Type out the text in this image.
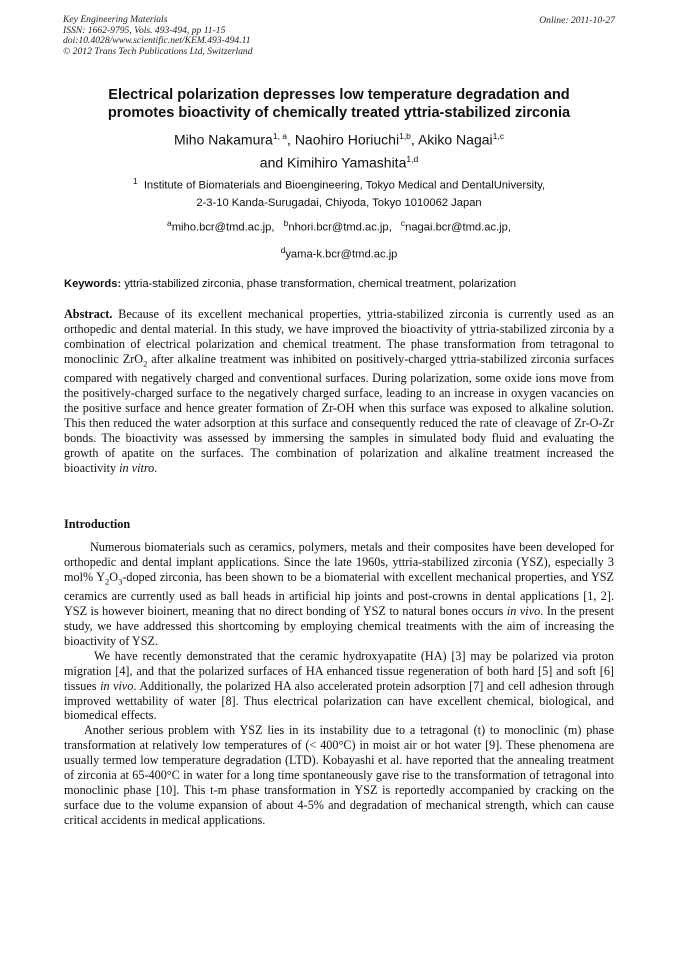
Key Engineering Materials
ISSN: 1662-9795, Vols. 493-494, pp 11-15
doi:10.4028/www.scientific.net/KEM.493-494.11
© 2012 Trans Tech Publications Ltd, Switzerland
Online: 2011-10-27
Electrical polarization depresses low temperature degradation and
promotes bioactivity of chemically treated yttria-stabilized zirconia
Miho Nakamura$^{1, a}$, Naohiro Horiuchi$^{1,b}$, Akiko Nagai$^{1,c}$
and Kimihiro Yamashita$^{1,d}$
$^1$ Institute of Biomaterials and Bioengineering, Tokyo Medical and DentalUniversity,
2-3-10 Kanda-Surugadai, Chiyoda, Tokyo 1010062 Japan
$^a$miho.bcr@tmd.ac.jp, $^b$nhori.bcr@tmd.ac.jp, $^c$nagai.bcr@tmd.ac.jp,
$^d$yama-k.bcr@tmd.ac.jp
Keywords: yttria-stabilized zirconia, phase transformation, chemical treatment, polarization

Abstract. Because of its excellent mechanical properties, yttria-stabilized zirconia is currently used as an orthopedic and dental material. In this study, we have improved the bioactivity of yttria-stabilized zirconia by a combination of electrical polarization and chemical treatment. The phase transformation from tetragonal to monoclinic ZrO$_2$ after alkaline treatment was inhibited on positively-charged yttria-stabilized zirconia surfaces compared with negatively charged and conventional surfaces. During polarization, some oxide ions move from the positively-charged surface to the negatively charged surface, leading to an increase in oxygen vacancies on the positive surface and hence greater formation of Zr-OH when this surface was exposed to alkaline solution. This then reduced the water adsorption at this surface and consequently reduced the rate of cleavage of Zr-O-Zr bonds. The bioactivity was assessed by immersing the samples in simulated body fluid and evaluating the growth of apatite on the surfaces. The combination of polarization and alkaline treatment increased the bioactivity in vitro.

Introduction

Numerous biomaterials such as ceramics, polymers, metals and their composites have been developed for orthopedic and dental implant applications. Since the late 1960s, yttria-stabilized zirconia (YSZ), especially 3 mol% $Y_2O_3$-doped zirconia, has been shown to be a biomaterial with excellent mechanical properties, and YSZ ceramics are currently used as ball heads in artificial hip joints and post-crowns in dental applications [1, 2]. YSZ is however bioinert, meaning that no direct bonding of YSZ to natural bones occurs in vivo. In the present study, we have addressed this shortcoming by employing chemical treatments with the aim of increasing the bioactivity of YSZ.

We have recently demonstrated that the ceramic hydroxyapatite (HA) [3] may be polarized via proton migration [4], and that the polarized surfaces of HA enhanced tissue regeneration of both hard [5] and soft [6] tissues in vivo. Additionally, the polarized HA also accelerated protein adsorption [7] and cell adhesion through improved wettability of water [8]. Thus electrical polarization can have excellent chemical, biological, and biomedical effects.

Another serious problem with YSZ lies in its instability due to a tetragonal (t) to monoclinic (m) phase transformation at relatively low temperatures of (< 400°C) in moist air or hot water [9]. These phenomena are usually termed low temperature degradation (LTD). Kobayashi et al. have reported that the annealing treatment of zirconia at 65-400°C in water for a long time spontaneously gave rise to the transformation of tetragonal into monoclinic phase [10]. This t-m phase transformation in YSZ is reportedly accompanied by cracking on the surface due to the volume expansion of about 4-5% and degradation of mechanical strength, which can cause critical accidents in medical applications.
